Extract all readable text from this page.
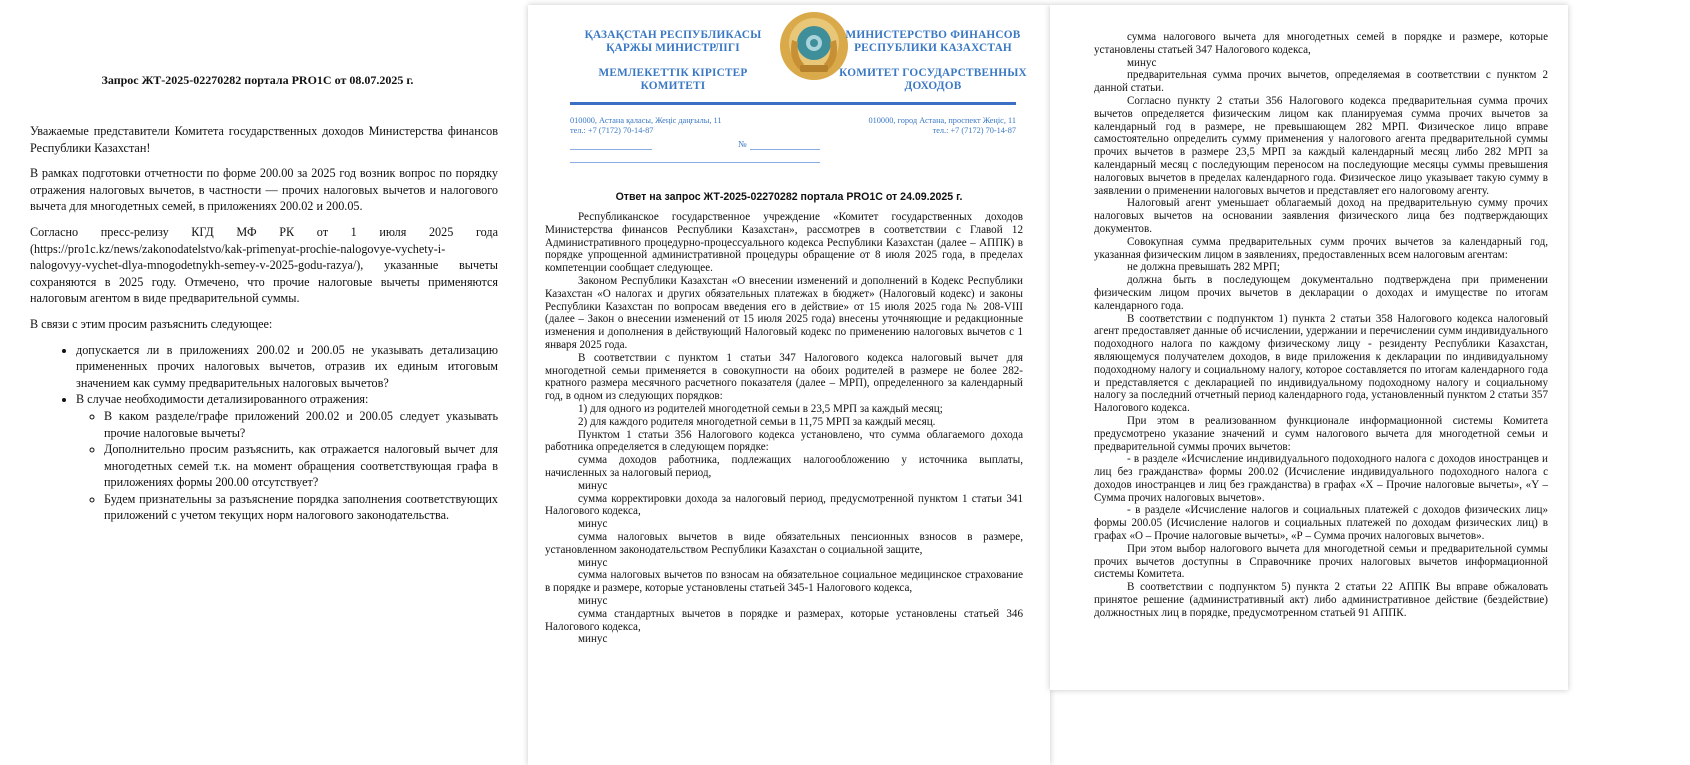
Запрос ЖТ-2025-02270282 портала PRO1C от 08.07.2025 г.

Уважаемые представители Комитета государственных доходов Министерства финансов Республики Казахстан!

В рамках подготовки отчетности по форме 200.00 за 2025 год возник вопрос по порядку отражения налоговых вычетов, в частности — прочих налоговых вычетов и налогового вычета для многодетных семей, в приложениях 200.02 и 200.05.

Согласно пресс-релизу КГД МФ РК от 1 июля 2025 года (https://pro1c.kz/news/zakonodatelstvo/kak-primenyat-prochie-nalogovye-vychety-i-nalogovyy-vychet-dlya-mnogodetnykh-semey-v-2025-godu-razya/), указанные вычеты сохраняются в 2025 году. Отмечено, что прочие налоговые вычеты применяются налоговым агентом в виде предварительной суммы.

В связи с этим просим разъяснить следующее:

• допускается ли в приложениях 200.02 и 200.05 не указывать детализацию примененных прочих налоговых вычетов, отразив их единым итоговым значением как сумму предварительных налоговых вычетов?
• В случае необходимости детализированного отражения:
◦ В каком разделе/графе приложений 200.02 и 200.05 следует указывать прочие налоговые вычеты?
◦ Дополнительно просим разъяснить, как отражается налоговый вычет для многодетных семей т.к. на момент обращения соответствующая графа в приложениях формы 200.00 отсутствует?
◦ Будем признательны за разъяснение порядка заполнения соответствующих приложений с учетом текущих норм налогового законодательства.
ҚАЗАҚСТАН РЕСПУБЛИКАСЫ ҚАРЖЫ МИНИСТРЛІГІ
МЕМЛЕКЕТТІК КІРІСТЕР КОМИТЕТІ
МИНИСТЕРСТВО ФИНАНСОВ РЕСПУБЛИКИ КАЗАХСТАН
КОМИТЕТ ГОСУДАРСТВЕННЫХ ДОХОДОВ
010000, Астана қаласы, Жеңіс даңғылы, 11
тел.: +7 (7172) 70-14-87
010000, город Астана, проспект Жеңіс, 11
тел.: +7 (7172) 70-14-87
№
Ответ на запрос ЖТ-2025-02270282 портала PRO1C от 24.09.2025 г.

Республиканское государственное учреждение «Комитет государственных доходов Министерства финансов Республики Казахстан», рассмотрев в соответствии с Главой 12 Административного процедурно-процессуального кодекса Республики Казахстан (далее – АППК) в порядке упрощенной административной процедуры обращение от 8 июля 2025 года, в пределах компетенции сообщает следующее.

Законом Республики Казахстан «О внесении изменений и дополнений в Кодекс Республики Казахстан «О налогах и других обязательных платежах в бюджет» (Налоговый кодекс) и законы Республики Казахстан по вопросам введения его в действие» от 15 июля 2025 года № 208-VIII (далее – Закон о внесении изменений от 15 июля 2025 года) внесены уточняющие и редакционные изменения и дополнения в действующий Налоговый кодекс по применению налоговых вычетов с 1 января 2025 года.

В соответствии с пунктом 1 статьи 347 Налогового кодекса налоговый вычет для многодетной семьи применяется в совокупности на обоих родителей в размере не более 282-кратного размера месячного расчетного показателя (далее – МРП), определенного за календарный год, в одном из следующих порядков:

1) для одного из родителей многодетной семьи в 23,5 МРП за каждый месяц;

2) для каждого родителя многодетной семьи в 11,75 МРП за каждый месяц.

Пунктом 1 статьи 356 Налогового кодекса установлено, что сумма облагаемого дохода работника определяется в следующем порядке:

сумма доходов работника, подлежащих налогообложению у источника выплаты, начисленных за налоговый период,

минус

сумма корректировки дохода за налоговый период, предусмотренной пунктом 1 статьи 341 Налогового кодекса,

минус

сумма налоговых вычетов в виде обязательных пенсионных взносов в размере, установленном законодательством Республики Казахстан о социальной защите,

минус

сумма налоговых вычетов по взносам на обязательное социальное медицинское страхование в порядке и размере, которые установлены статьей 345-1 Налогового кодекса,

минус

сумма стандартных вычетов в порядке и размерах, которые установлены статьей 346 Налогового кодекса,

минус

сумма налогового вычета для многодетных семей в порядке и размере, которые установлены статьей 347 Налогового кодекса,

минус

предварительная сумма прочих вычетов, определяемая в соответствии с пунктом 2 данной статьи.

Согласно пункту 2 статьи 356 Налогового кодекса предварительная сумма прочих вычетов определяется физическим лицом как планируемая сумма прочих вычетов за календарный год в размере, не превышающем 282 МРП. Физическое лицо вправе самостоятельно определить сумму применения у налогового агента предварительной суммы прочих вычетов в размере 23,5 МРП за каждый календарный месяц либо 282 МРП за календарный месяц с последующим переносом на последующие месяцы суммы превышения налоговых вычетов в пределах календарного года. Физическое лицо указывает такую сумму в заявлении о применении налоговых вычетов и представляет его налоговому агенту.

Налоговый агент уменьшает облагаемый доход на предварительную сумму прочих налоговых вычетов на основании заявления физического лица без подтверждающих документов.

Совокупная сумма предварительных сумм прочих вычетов за календарный год, указанная физическим лицом в заявлениях, предоставленных всем налоговым агентам:

не должна превышать 282 МРП;

должна быть в последующем документально подтверждена при применении физическим лицом прочих вычетов в декларации о доходах и имуществе по итогам календарного года.

В соответствии с подпунктом 1) пункта 2 статьи 358 Налогового кодекса налоговый агент предоставляет данные об исчислении, удержании и перечислении сумм индивидуального подоходного налога по каждому физическому лицу - резиденту Республики Казахстан, являющемуся получателем доходов, в виде приложения к декларации по индивидуальному подоходному налогу и социальному налогу, которое составляется по итогам календарного года и представляется с декларацией по индивидуальному подоходному налогу и социальному налогу за последний отчетный период календарного года, установленный пунктом 2 статьи 357 Налогового кодекса.

При этом в реализованном функционале информационной системы Комитета предусмотрено указание значений и сумм налогового вычета для многодетной семьи и предварительной суммы прочих вычетов:

- в разделе «Исчисление индивидуального подоходного налога с доходов иностранцев и лиц без гражданства» формы 200.02 (Исчисление индивидуального подоходного налога с доходов иностранцев и лиц без гражданства) в графах «Х – Прочие налоговые вычеты», «Y – Сумма прочих налоговых вычетов».

- в разделе «Исчисление налогов и социальных платежей с доходов физических лиц» формы 200.05 (Исчисление налогов и социальных платежей по доходам физических лиц) в графах «О – Прочие налоговые вычеты», «Р – Сумма прочих налоговых вычетов».

При этом выбор налогового вычета для многодетной семьи и предварительной суммы прочих вычетов доступны в Справочнике прочих налоговых вычетов информационной системы Комитета.

В соответствии с подпунктом 5) пункта 2 статьи 22 АППК Вы вправе обжаловать принятое решение (административный акт) либо административное действие (бездействие) должностных лиц в порядке, предусмотренном статьей 91 АППК.
